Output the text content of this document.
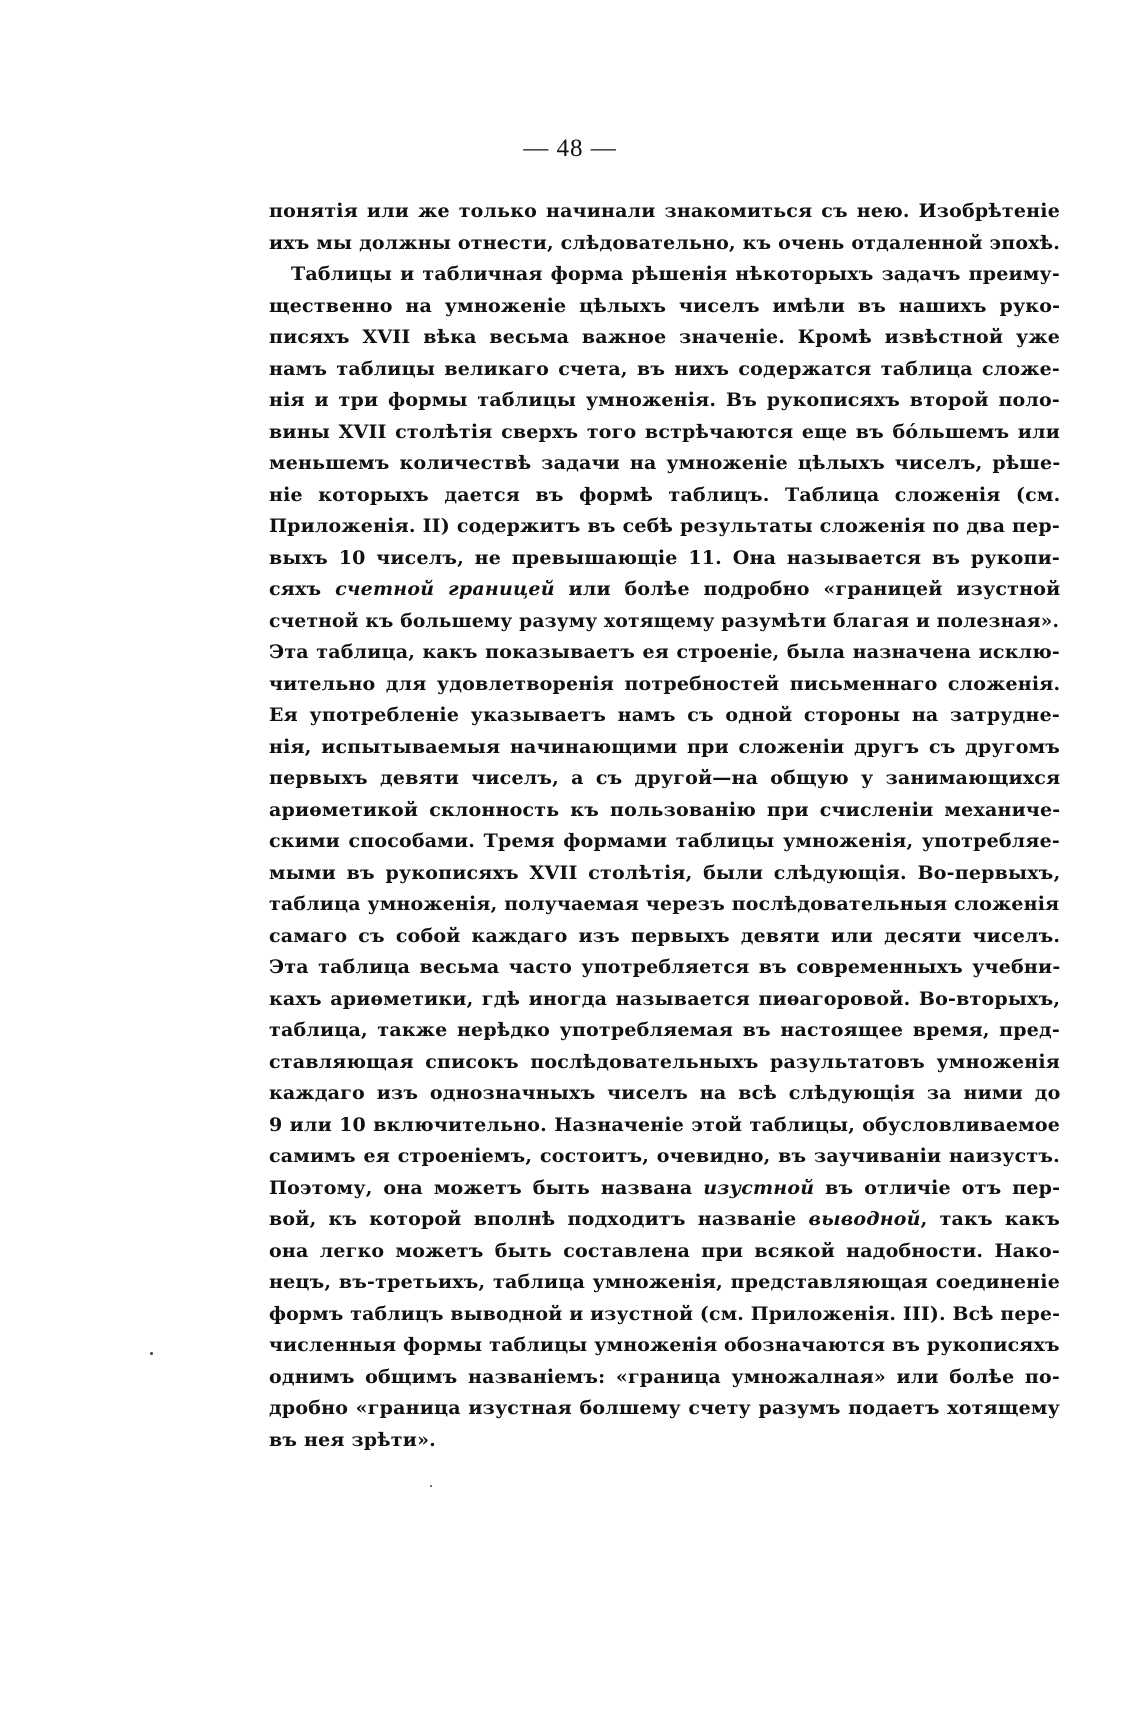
— 48 —
понятія или же только начинали знакомиться съ нею. Изобрѣтеніе
ихъ мы должны отнести, слѣдовательно, къ очень отдаленной эпохѣ.
Таблицы и табличная форма рѣшенія нѣкоторыхъ задачъ преиму-
щественно на умноженіе цѣлыхъ чиселъ имѣли въ нашихъ руко-
писяхъ XVII вѣка весьма важное значеніе. Кромѣ извѣстной уже
намъ таблицы великаго счета, въ нихъ содержатся таблица сложе-
нія и три формы таблицы умноженія. Въ рукописяхъ второй поло-
вины XVII столѣтія сверхъ того встрѣчаются еще въ бóльшемъ или
меньшемъ количествѣ задачи на умноженіе цѣлыхъ чиселъ, рѣше-
ніе которыхъ дается въ формѣ таблицъ. Таблица сложенія (см.
Приложенія. II) содержитъ въ себѣ результаты сложенія по два пер-
выхъ 10 чиселъ, не превышающіе 11. Она называется въ рукопи-
сяхъ счетной границей или болѣе подробно «границей изустной
счетной къ большему разуму хотящему разумѣти благая и полезная».
Эта таблица, какъ показываетъ ея строеніе, была назначена исклю-
чительно для удовлетворенія потребностей письменнаго сложенія.
Ея употребленіе указываетъ намъ съ одной стороны на затрудне-
нія, испытываемыя начинающими при сложеніи другъ съ другомъ
первыхъ девяти чиселъ, а съ другой—на общую у занимающихся
ариѳметикой склонность къ пользованію при счисленіи механиче-
скими способами. Тремя формами таблицы умноженія, употребляе-
мыми въ рукописяхъ XVII столѣтія, были слѣдующія. Во-первыхъ,
таблица умноженія, получаемая черезъ послѣдовательныя сложенія
самаго съ собой каждаго изъ первыхъ девяти или десяти чиселъ.
Эта таблица весьма часто употребляется въ современныхъ учебни-
кахъ ариѳметики, гдѣ иногда называется пиѳагоровой. Во-вторыхъ,
таблица, также нерѣдко употребляемая въ настоящее время, пред-
ставляющая списокъ послѣдовательныхъ разультатовъ умноженія
каждаго изъ однозначныхъ чиселъ на всѣ слѣдующія за ними до
9 или 10 включительно. Назначеніе этой таблицы, обусловливаемое
самимъ ея строеніемъ, состоитъ, очевидно, въ заучиваніи наизустъ.
Поэтому, она можетъ быть названа изустной въ отличіе отъ пер-
вой, къ которой вполнѣ подходитъ названіе выводной, такъ какъ
она легко можетъ быть составлена при всякой надобности. Нако-
нецъ, въ-третьихъ, таблица умноженія, представляющая соединеніе
формъ таблицъ выводной и изустной (см. Приложенія. III). Всѣ пере-
численныя формы таблицы умноженія обозначаются въ рукописяхъ
однимъ общимъ названіемъ: «граница умножалная» или болѣе по-
дробно «граница изустная болшему счету разумъ подаетъ хотящему
въ нея зрѣти».
